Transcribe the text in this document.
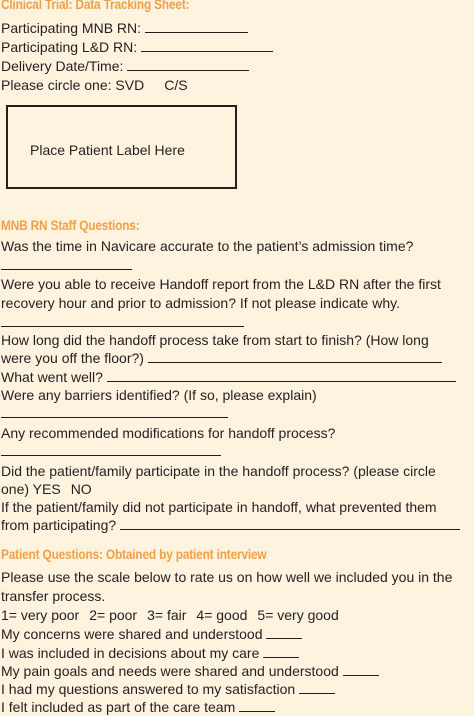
Clinical Trial: Data Tracking Sheet:
Participating MNB RN:
Participating L&D RN:
Delivery Date/Time:
Please circle one: SVD C/S
Place Patient Label Here
MNB RN Staff Questions:
Was the time in Navicare accurate to the patient’s admission time?
Were you able to receive Handoff report from the L&D RN after the first
recovery hour and prior to admission? If not please indicate why.
How long did the handoff process take from start to finish? (How long
were you off the floor?)
What went well?
Were any barriers identified? (If so, please explain)
Any recommended modifications for handoff process?
Did the patient/family participate in the handoff process? (please circle
one) YES NO
If the patient/family did not participate in handoff, what prevented them
from participating?
Patient Questions: Obtained by patient interview
Please use the scale below to rate us on how well we included you in the
transfer process.
1= very poor 2= poor 3= fair 4= good 5= very good
My concerns were shared and understood
I was included in decisions about my care
My pain goals and needs were shared and understood
I had my questions answered to my satisfaction
I felt included as part of the care team
